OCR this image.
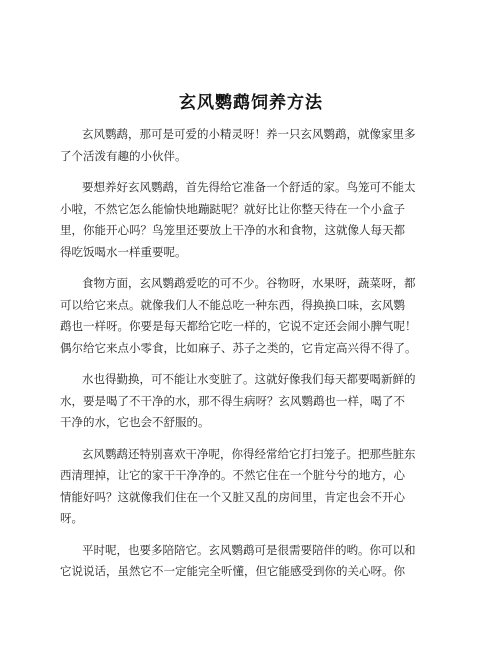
玄风鹦鹉饲养方法

玄风鹦鹉，那可是可爱的小精灵呀！养一只玄风鹦鹉，就像家里多
了个活泼有趣的小伙伴。

要想养好玄风鹦鹉，首先得给它准备一个舒适的家。鸟笼可不能太
小啦，不然它怎么能愉快地蹦跶呢？就好比让你整天待在一个小盒子
里，你能开心吗？鸟笼里还要放上干净的水和食物，这就像人每天都
得吃饭喝水一样重要呢。

食物方面，玄风鹦鹉爱吃的可不少。谷物呀，水果呀，蔬菜呀，都
可以给它来点。就像我们人不能总吃一种东西，得换换口味，玄风鹦
鹉也一样呀。你要是每天都给它吃一样的，它说不定还会闹小脾气呢！
偶尔给它来点小零食，比如麻子、苏子之类的，它肯定高兴得不得了。

水也得勤换，可不能让水变脏了。这就好像我们每天都要喝新鲜的
水，要是喝了不干净的水，那不得生病呀？玄风鹦鹉也一样，喝了不
干净的水，它也会不舒服的。

玄风鹦鹉还特别喜欢干净呢，你得经常给它打扫笼子。把那些脏东
西清理掉，让它的家干干净净的。不然它住在一个脏兮兮的地方，心
情能好吗？这就像我们住在一个又脏又乱的房间里，肯定也会不开心
呀。

平时呢，也要多陪陪它。玄风鹦鹉可是很需要陪伴的哟。你可以和
它说说话，虽然它不一定能完全听懂，但它能感受到你的关心呀。你
